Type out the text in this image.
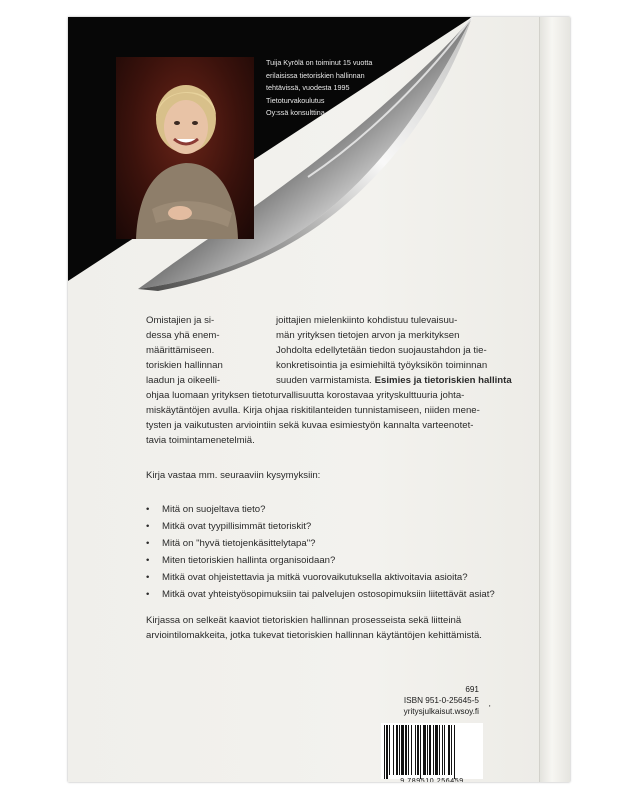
Tuija Kyrölä on toiminut 15 vuotta
erilaisissa tietoriskien hallinnan
tehtävissä, vuodesta 1995
Tietoturvakoulutus
Oy:ssä konsulttina.
Omistajien ja si-
dessa yhä enem-
määrittämiseen.
toriskien hallinnan
laadun ja oikeelli-
joittajien mielenkiinto kohdistuu tulevaisuu-
män yrityksen tietojen arvon ja merkityksen
Johdolta edellytetään tiedon suojaustahdon ja tie-
konkretisointia ja esimiehiltä työyksikön toiminnan
suuden varmistamista. Esimies ja tietoriskien hallinta
ohjaa luomaan yrityksen tietoturvallisuutta korostavaa yrityskulttuuria johta-
miskäytäntöjen avulla. Kirja ohjaa riskitilanteiden tunnistamiseen, niiden mene-
tysten ja vaikutusten arviointiin sekä kuvaa esimiestyön kannalta varteenotet-
tavia toimintamenetelmiä.
Kirja vastaa mm. seuraaviin kysymyksiin:
• Mitä on suojeltava tieto?
• Mitkä ovat tyypillisimmät tietoriskit?
• Mitä on "hyvä tietojenkäsittelytapa"?
• Miten tietoriskien hallinta organisoidaan?
• Mitkä ovat ohjeistettavia ja mitkä vuorovaikutuksella aktivoitavia asioita?
• Mitkä ovat yhteistyösopimuksiin tai palvelujen ostosopimuksiin liitettävät asiat?
Kirjassa on selkeät kaaviot tietoriskien hallinnan prosesseista sekä liitteinä
arviointilomakkeita, jotka tukevat tietoriskien hallinnan käytäntöjen kehittämistä.
691
ISBN 951-0-25645-5
yritysjulkaisut.wsoy.fi '
9 789510 256459
